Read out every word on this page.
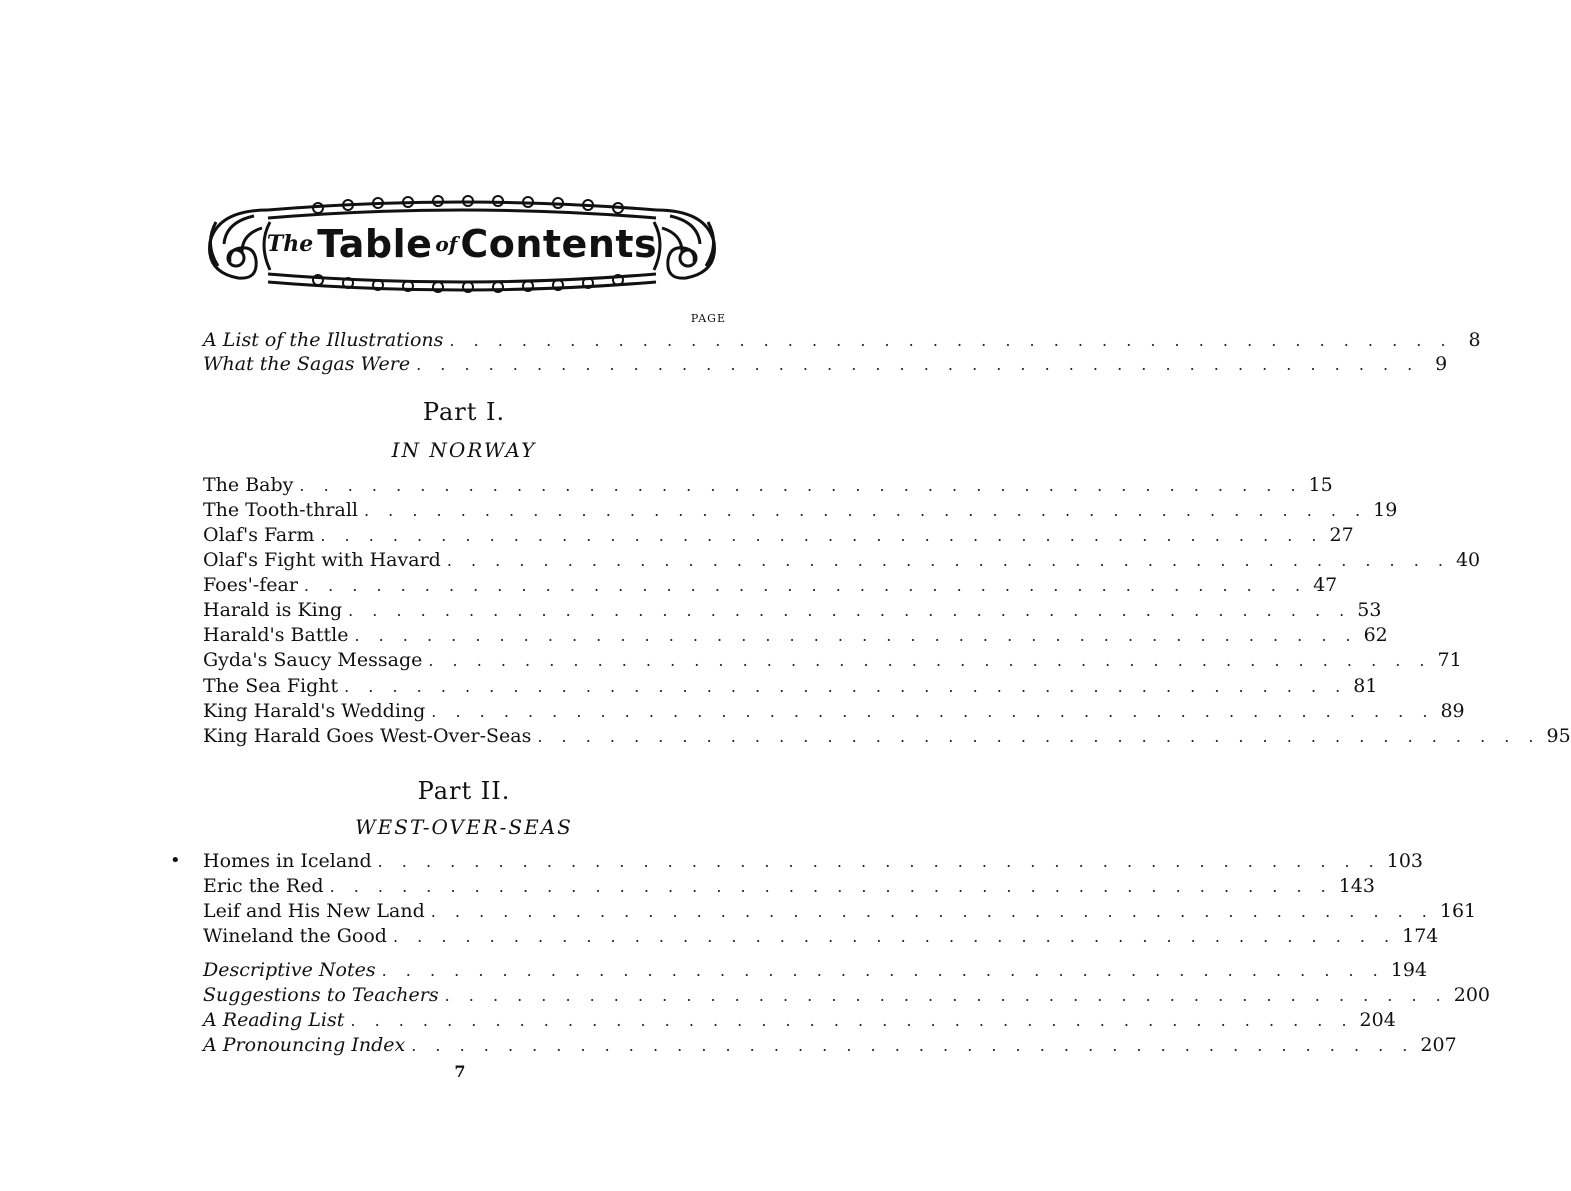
The Table of Contents
PAGE
A List of the Illustrations . . . . . . . . . . . . . . . . . . . . . . . . . . . . . . . . . . . . . . . . . . 8
What the Sagas Were . . . . . . . . . . . . . . . . . . . . . . . . . . . . . . . . . . . . . . . . . . 9
Part I.
IN NORWAY
The Baby . . . . . . . . . . . . . . . . . . . . . . . . . . . . . . . . . . . . . . . . . . 15
The Tooth-thrall . . . . . . . . . . . . . . . . . . . . . . . . . . . . . . . . . . . . . . . . . . 19
Olaf's Farm . . . . . . . . . . . . . . . . . . . . . . . . . . . . . . . . . . . . . . . . . . 27
Olaf's Fight with Havard . . . . . . . . . . . . . . . . . . . . . . . . . . . . . . . . . . . . . . . . . . 40
Foes'-fear . . . . . . . . . . . . . . . . . . . . . . . . . . . . . . . . . . . . . . . . . . 47
Harald is King . . . . . . . . . . . . . . . . . . . . . . . . . . . . . . . . . . . . . . . . . . 53
Harald's Battle . . . . . . . . . . . . . . . . . . . . . . . . . . . . . . . . . . . . . . . . . . 62
Gyda's Saucy Message . . . . . . . . . . . . . . . . . . . . . . . . . . . . . . . . . . . . . . . . . . 71
The Sea Fight . . . . . . . . . . . . . . . . . . . . . . . . . . . . . . . . . . . . . . . . . . 81
King Harald's Wedding . . . . . . . . . . . . . . . . . . . . . . . . . . . . . . . . . . . . . . . . . . 89
King Harald Goes West-Over-Seas . . . . . . . . . . . . . . . . . . . . . . . . . . . . . . . . . . . . . . . . . . 95
Part II.
WEST-OVER-SEAS
• Homes in Iceland . . . . . . . . . . . . . . . . . . . . . . . . . . . . . . . . . . . . . . . . . . 103
Eric the Red . . . . . . . . . . . . . . . . . . . . . . . . . . . . . . . . . . . . . . . . . . 143
Leif and His New Land . . . . . . . . . . . . . . . . . . . . . . . . . . . . . . . . . . . . . . . . . . 161
Wineland the Good . . . . . . . . . . . . . . . . . . . . . . . . . . . . . . . . . . . . . . . . . . 174
Descriptive Notes . . . . . . . . . . . . . . . . . . . . . . . . . . . . . . . . . . . . . . . . . . 194
Suggestions to Teachers . . . . . . . . . . . . . . . . . . . . . . . . . . . . . . . . . . . . . . . . . . 200
A Reading List . . . . . . . . . . . . . . . . . . . . . . . . . . . . . . . . . . . . . . . . . . 204
A Pronouncing Index . . . . . . . . . . . . . . . . . . . . . . . . . . . . . . . . . . . . . . . . . . 207
7
